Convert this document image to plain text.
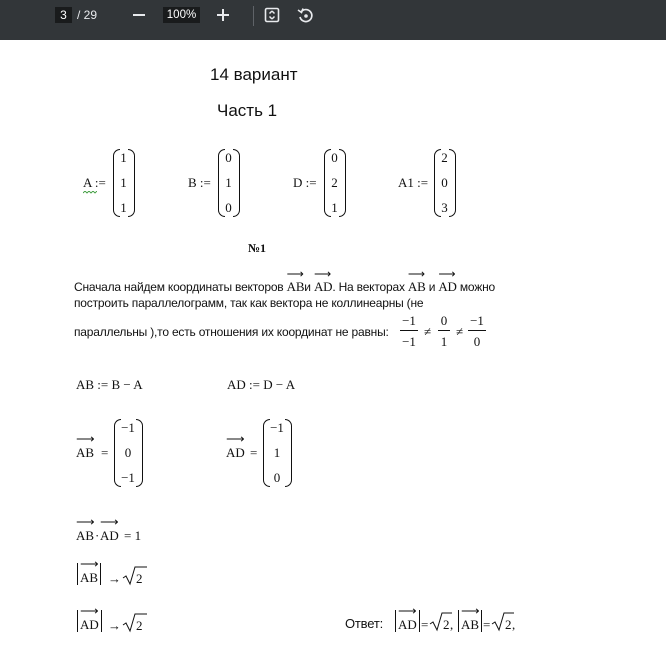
3 / 29	100%
14 вариант
Часть 1
A :=
1
1
1
B :=
0
1
0
D :=
0
2
1
A1 :=
2
0
3
№1
Сначала найдем координаты векторов
⟶
ABи
⟶
AD. На векторах
⟶
AB и
⟶
AD можно
построить параллелограмм, так как вектора не коллинеарны (не
параллельны ),то есть отношения их координат не равны:
−1
−1
≠
0
1
≠
−1
0
AB := B − A	AD := D − A
⟶
AB =
−1
0
−1
⟶
AD =
−1
1
0
⟶
AB ·
⟶
AD = 1
‖ ⟶
AB ‖ → 2
‖ ⟶
AD ‖ → 2	Ответ: ‖ ⟶
AD ‖ = 2 , ‖ ⟶
AB ‖ = 2 ,
